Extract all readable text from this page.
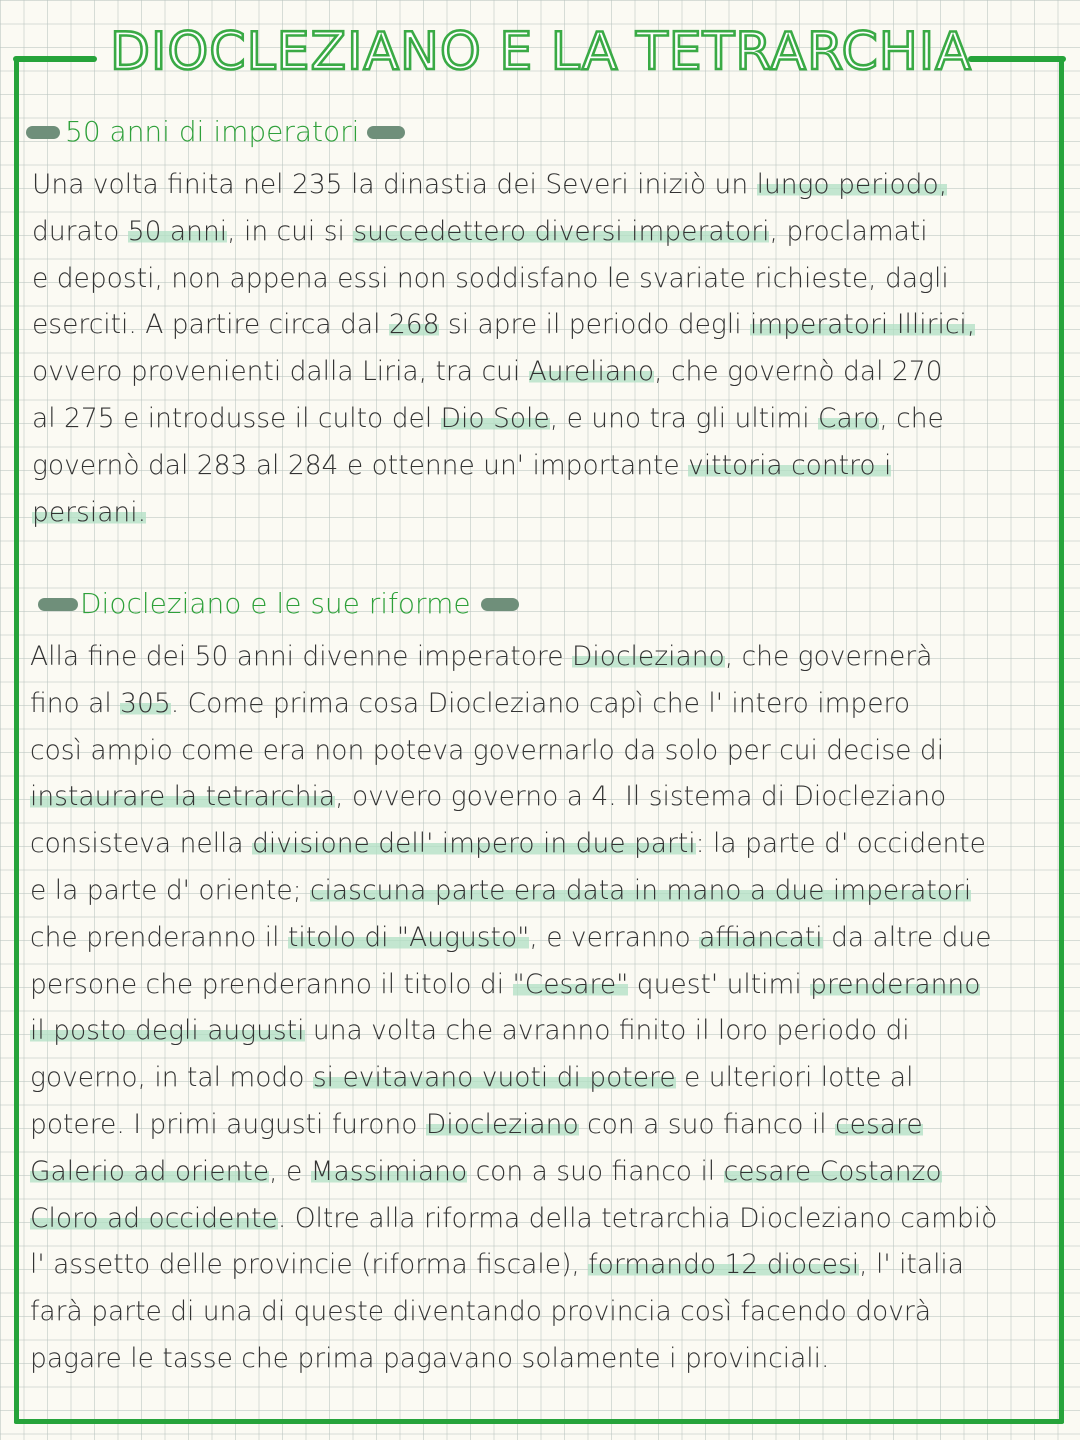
DIOCLEZIANO E LA TETRARCHIA
50 anni di imperatori
Una volta finita nel 235 la dinastia dei Severi iniziò un lungo periodo,
durato 50 anni, in cui si succedettero diversi imperatori, proclamati
e deposti, non appena essi non soddisfano le svariate richieste, dagli
eserciti. A partire circa dal 268 si apre il periodo degli imperatori Illirici,
ovvero provenienti dalla Liria, tra cui Aureliano, che governò dal 270
al 275 e introdusse il culto del Dio Sole, e uno tra gli ultimi Caro, che
governò dal 283 al 284 e ottenne un' importante vittoria contro i
persiani.
Diocleziano e le sue riforme
Alla fine dei 50 anni divenne imperatore Diocleziano, che governerà
fino al 305. Come prima cosa Diocleziano capì che l' intero impero
così ampio come era non poteva governarlo da solo per cui decise di
instaurare la tetrarchia, ovvero governo a 4. Il sistema di Diocleziano
consisteva nella divisione dell' impero in due parti: la parte d' occidente
e la parte d' oriente; ciascuna parte era data in mano a due imperatori
che prenderanno il titolo di "Augusto", e verranno affiancati da altre due
persone che prenderanno il titolo di "Cesare" quest' ultimi prenderanno
il posto degli augusti una volta che avranno finito il loro periodo di
governo, in tal modo si evitavano vuoti di potere e ulteriori lotte al
potere. I primi augusti furono Diocleziano con a suo fianco il cesare
Galerio ad oriente, e Massimiano con a suo fianco il cesare Costanzo
Cloro ad occidente. Oltre alla riforma della tetrarchia Diocleziano cambiò
l' assetto delle provincie (riforma fiscale), formando 12 diocesi, l' italia
farà parte di una di queste diventando provincia così facendo dovrà
pagare le tasse che prima pagavano solamente i provinciali.
